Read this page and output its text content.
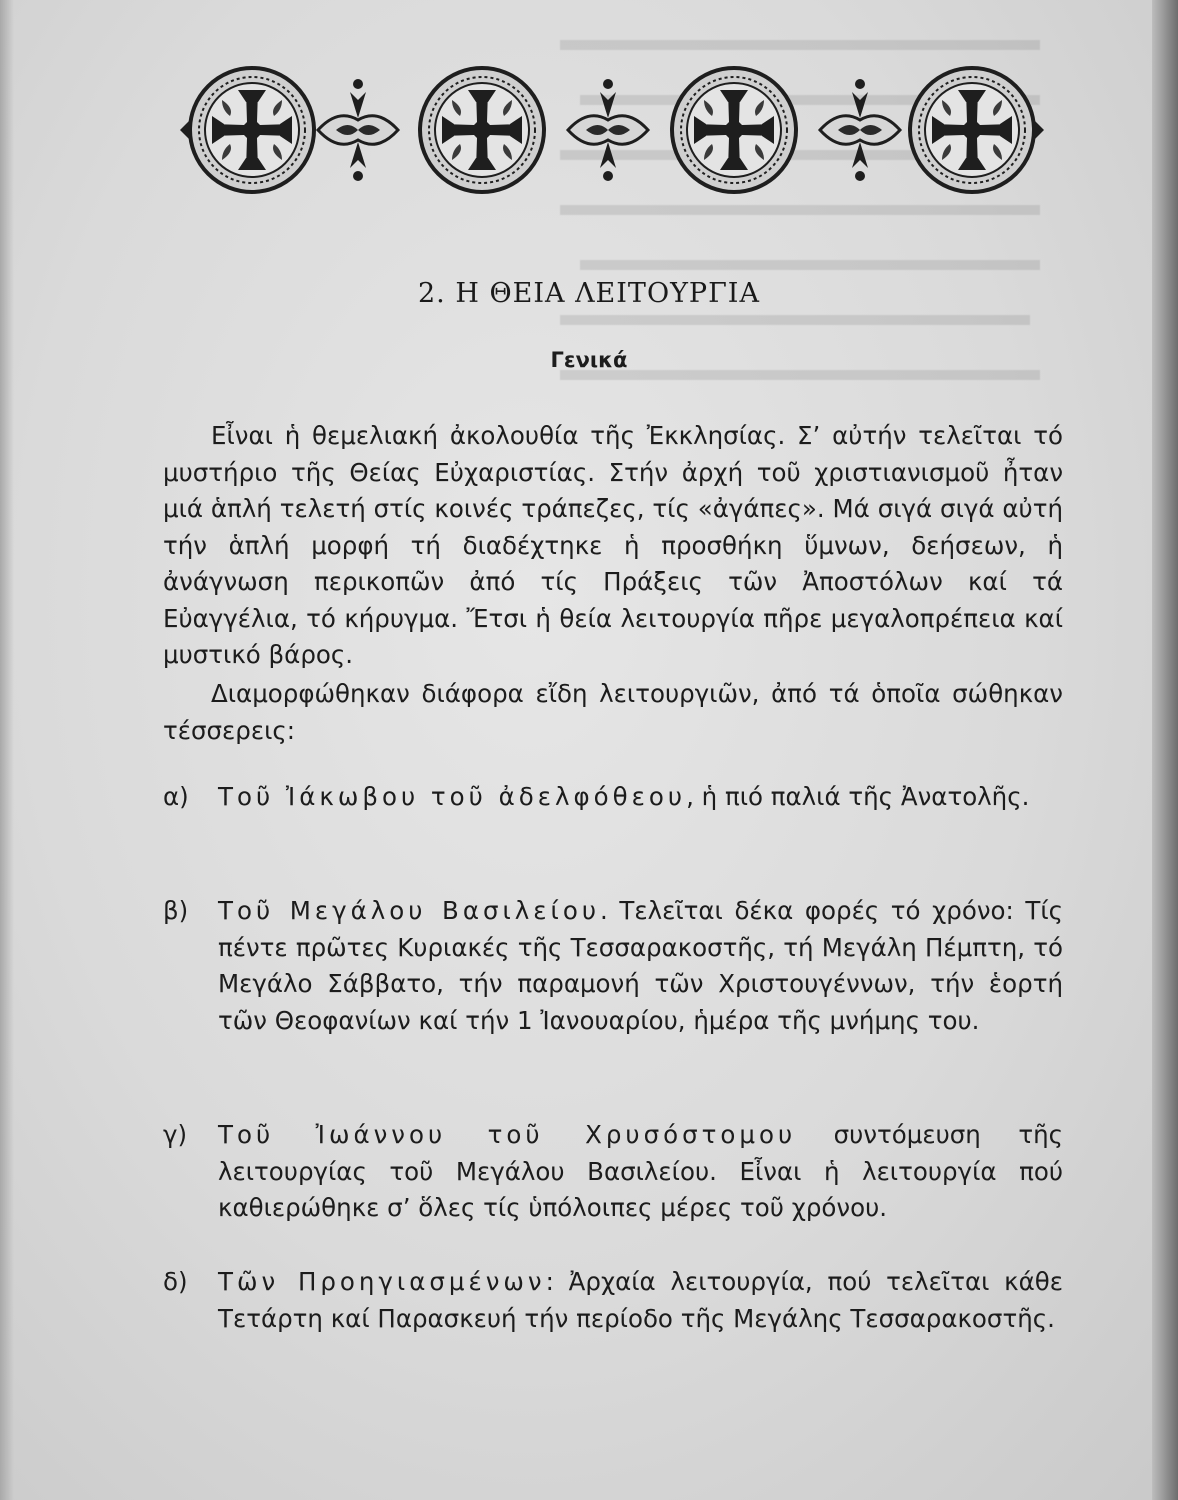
2. Η ΘΕΙΑ ΛΕΙΤΟΥΡΓΙΑ
Γενικά

Εἶναι ἡ θεμελιακή ἀκολουθία τῆς Ἐκκλησίας. Σ’ αὐτήν τελεῖται τό μυστήριο τῆς Θείας Εὐχαριστίας. Στήν ἀρχή τοῦ χριστιανισμοῦ ἦταν μιά ἁπλή τελετή στίς κοινές τράπεζες, τίς «ἀγάπες». Μά σιγά σιγά αὐτή τήν ἁπλή μορφή τή διαδέχτηκε ἡ προσθήκη ὕμνων, δεήσεων, ἡ ἀνάγνωση περικοπῶν ἀπό τίς Πράξεις τῶν Ἀποστόλων καί τά Εὐαγγέλια, τό κήρυγμα. Ἔτσι ἡ θεία λειτουργία πῆρε μεγαλοπρέπεια καί μυστικό βάρος.

Διαμορφώθηκαν διάφορα εἴδη λειτουργιῶν, ἀπό τά ὁποῖα σώθηκαν τέσσερεις:

α)	Τοῦ Ἰάκωβου τοῦ ἀδελφόθεου, ἡ πιό παλιά τῆς Ἀνατολῆς.
β)	Τοῦ Μεγάλου Βασιλείου. Τελεῖται δέκα φορές τό χρόνο: Τίς πέντε πρῶτες Κυριακές τῆς Τεσσαρακοστῆς, τή Μεγάλη Πέμπτη, τό Μεγάλο Σάββατο, τήν παραμονή τῶν Χριστουγέννων, τήν ἑορτή τῶν Θεοφανίων καί τήν 1 Ἰανουαρίου, ἡμέρα τῆς μνήμης του.
γ)	Τοῦ Ἰωάννου τοῦ Χρυσόστομου συντόμευση τῆς λειτουργίας τοῦ Μεγάλου Βασιλείου. Εἶναι ἡ λειτουργία πού καθιερώθηκε σ’ ὅλες τίς ὑπόλοιπες μέρες τοῦ χρόνου.
δ)	Τῶν Προηγιασμένων: Ἀρχαία λειτουργία, πού τελεῖται κάθε Τετάρτη καί Παρασκευή τήν περίοδο τῆς Μεγάλης Τεσσαρακοστῆς.
